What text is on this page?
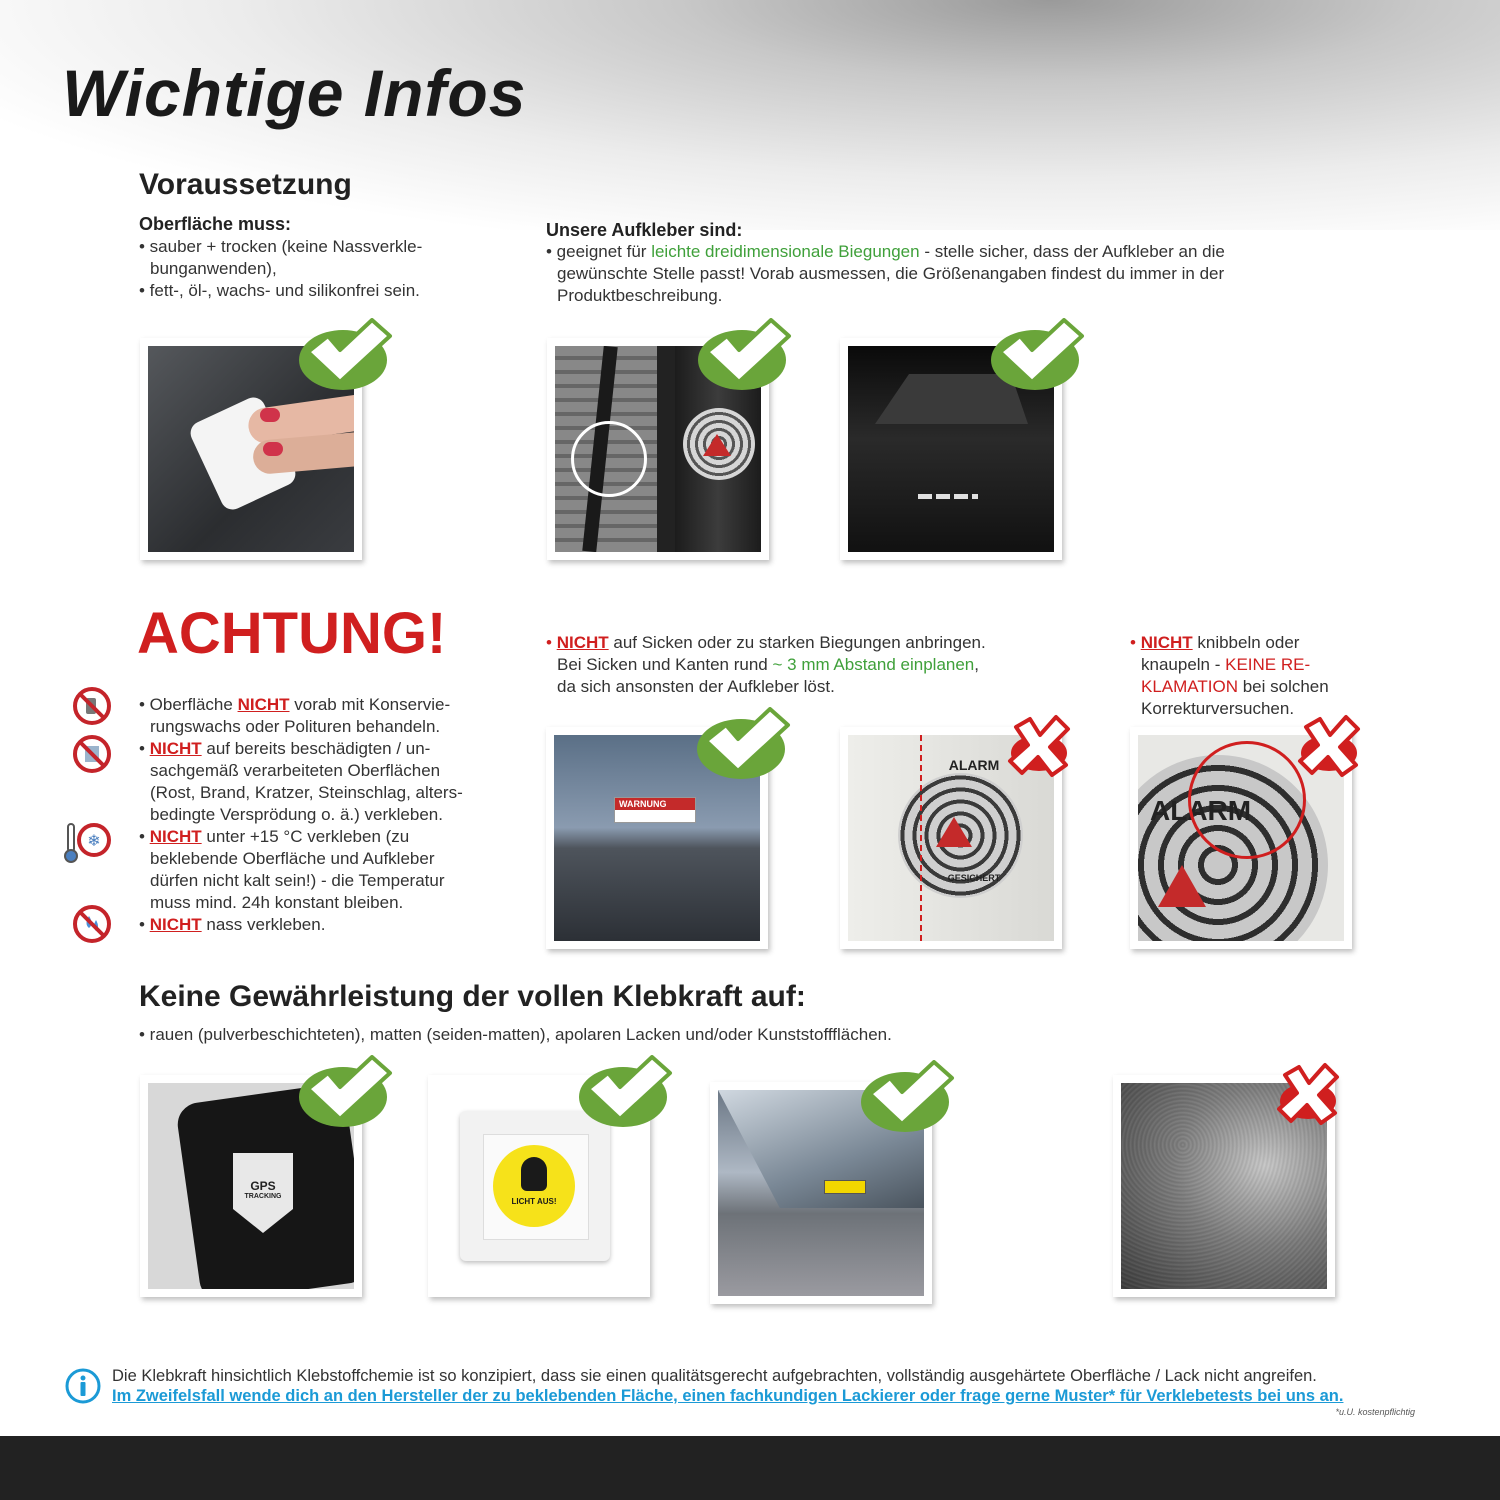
Wichtige Infos
Voraussetzung
Oberfläche muss:

• sauber + trocken (keine Nassverkle-

bunganwenden),

• fett-, öl-, wachs- und silikonfrei sein.

Unsere Aufkleber sind:

• geeignet für leichte dreidimensionale Biegungen - stelle sicher, dass der Aufkleber an die

gewünschte Stelle passt! Vorab ausmessen, die Größenangaben findest du immer in der

Produktbeschreibung.

ACHTUNG!
❄

• Oberfläche NICHT vorab mit Konservie-

rungswachs oder Polituren behandeln.

• NICHT auf bereits beschädigten / un-

sachgemäß verarbeiteten Oberflächen

(Rost, Brand, Kratzer, Steinschlag, alters-

bedingte Versprödung o. ä.) verkleben.

• NICHT unter +15 °C verkleben (zu

beklebende Oberfläche und Aufkleber

dürfen nicht kalt sein!) - die Temperatur

muss mind. 24h konstant bleiben.

• NICHT nass verkleben.

• NICHT auf Sicken oder zu starken Biegungen anbringen.

Bei Sicken und Kanten rund ~ 3 mm Abstand einplanen,

da sich ansonsten der Aufkleber löst.

• NICHT knibbeln oder

knaupeln - KEINE RE-

KLAMATION bei solchen

Korrekturversuchen.

WARNUNG
ALARM
GESICHERT
ALARM
Keine Gewährleistung der vollen Klebkraft auf:
• rauen (pulverbeschichteten), matten (seiden-matten), apolaren Lacken und/oder Kunststoffflächen.
GPS
TRACKING
LICHT AUS!
Die Klebkraft hinsichtlich Klebstoffchemie ist so konzipiert, dass sie einen qualitätsgerecht aufgebrachten, vollständig ausgehärtete Oberfläche / Lack nicht angreifen.
Im Zweifelsfall wende dich an den Hersteller der zu beklebenden Fläche, einen fachkundigen Lackierer oder frage gerne Muster* für Verklebetests bei uns an.
*u.U. kostenpflichtig
